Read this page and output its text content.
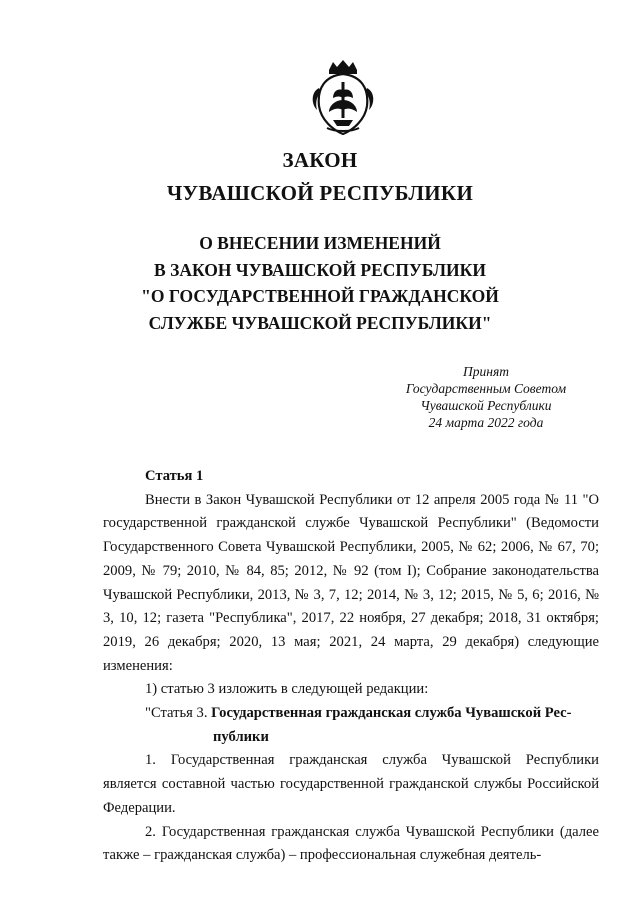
ЗАКОН
ЧУВАШСКОЙ РЕСПУБЛИКИ
О ВНЕСЕНИИ ИЗМЕНЕНИЙ
В ЗАКОН ЧУВАШСКОЙ РЕСПУБЛИКИ
"О ГОСУДАРСТВЕННОЙ ГРАЖДАНСКОЙ
СЛУЖБЕ ЧУВАШСКОЙ РЕСПУБЛИКИ"
Принят
Государственным Советом
Чувашской Республики
24 марта 2022 года

Статья 1

Внести в Закон Чувашской Республики от 12 апреля 2005 года № 11 "О государственной гражданской службе Чувашской Республики" (Ведомости Государственного Совета Чувашской Республики, 2005, № 62; 2006, № 67, 70; 2009, № 79; 2010, № 84, 85; 2012, № 92 (том I); Собрание законодательства Чувашской Республики, 2013, № 3, 7, 12; 2014, № 3, 12; 2015, № 5, 6; 2016, № 3, 10, 12; газета "Республика", 2017, 22 ноября, 27 декабря; 2018, 31 октября; 2019, 26 декабря; 2020, 13 мая; 2021, 24 марта, 29 декабря) следующие изменения:

1) статью 3 изложить в следующей редакции:

"Статья 3. Государственная гражданская служба Чувашской Рес-

публики

1. Государственная гражданская служба Чувашской Республики является составной частью государственной гражданской службы Российской Федерации.

2. Государственная гражданская служба Чувашской Республики (далее также – гражданская служба) – профессиональная служебная деятель-
